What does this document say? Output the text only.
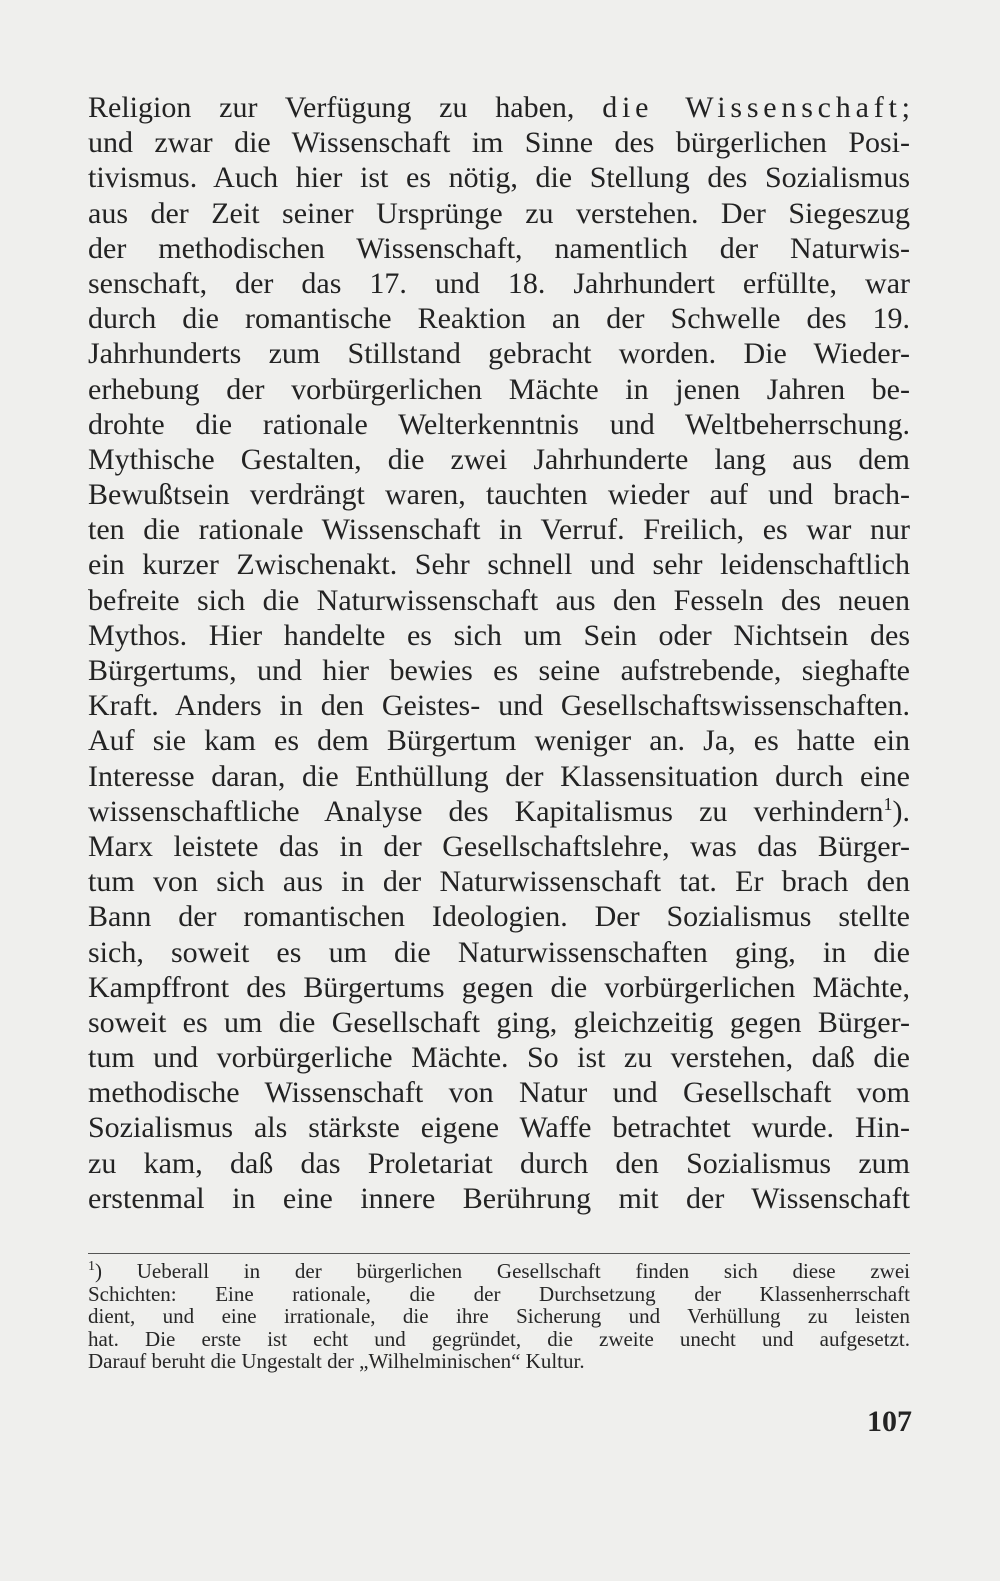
Religion zur Verfügung zu haben, die Wissenschaft;
und zwar die Wissenschaft im Sinne des bürgerlichen Posi-
tivismus. Auch hier ist es nötig, die Stellung des Sozialismus
aus der Zeit seiner Ursprünge zu verstehen. Der Siegeszug
der methodischen Wissenschaft, namentlich der Naturwis-
senschaft, der das 17. und 18. Jahrhundert erfüllte, war
durch die romantische Reaktion an der Schwelle des 19.
Jahrhunderts zum Stillstand gebracht worden. Die Wieder-
erhebung der vorbürgerlichen Mächte in jenen Jahren be-
drohte die rationale Welterkenntnis und Weltbeherrschung.
Mythische Gestalten, die zwei Jahrhunderte lang aus dem
Bewußtsein verdrängt waren, tauchten wieder auf und brach-
ten die rationale Wissenschaft in Verruf. Freilich, es war nur
ein kurzer Zwischenakt. Sehr schnell und sehr leidenschaftlich
befreite sich die Naturwissenschaft aus den Fesseln des neuen
Mythos. Hier handelte es sich um Sein oder Nichtsein des
Bürgertums, und hier bewies es seine aufstrebende, sieghafte
Kraft. Anders in den Geistes- und Gesellschaftswissenschaften.
Auf sie kam es dem Bürgertum weniger an. Ja, es hatte ein
Interesse daran, die Enthüllung der Klassensituation durch eine
wissenschaftliche Analyse des Kapitalismus zu verhindern$^1$).
Marx leistete das in der Gesellschaftslehre, was das Bürger-
tum von sich aus in der Naturwissenschaft tat. Er brach den
Bann der romantischen Ideologien. Der Sozialismus stellte
sich, soweit es um die Naturwissenschaften ging, in die
Kampffront des Bürgertums gegen die vorbürgerlichen Mächte,
soweit es um die Gesellschaft ging, gleichzeitig gegen Bürger-
tum und vorbürgerliche Mächte. So ist zu verstehen, daß die
methodische Wissenschaft von Natur und Gesellschaft vom
Sozialismus als stärkste eigene Waffe betrachtet wurde. Hin-
zu kam, daß das Proletariat durch den Sozialismus zum
erstenmal in eine innere Berührung mit der Wissenschaft
$^1$) Ueberall in der bürgerlichen Gesellschaft finden sich diese zwei
Schichten: Eine rationale, die der Durchsetzung der Klassenherrschaft
dient, und eine irrationale, die ihre Sicherung und Verhüllung zu leisten
hat. Die erste ist echt und gegründet, die zweite unecht und aufgesetzt.
Darauf beruht die Ungestalt der „Wilhelminischen“ Kultur.
107
